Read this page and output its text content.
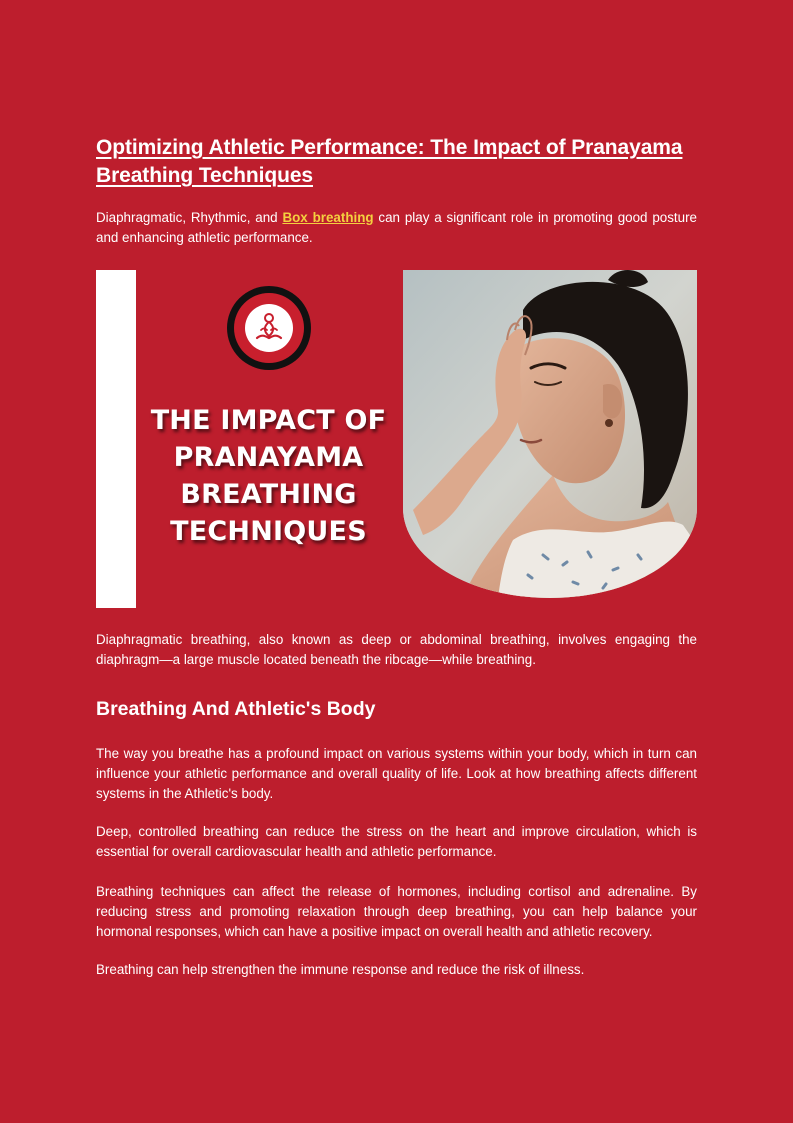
Optimizing Athletic Performance: The Impact of Pranayama Breathing Techniques

Diaphragmatic, Rhythmic, and Box breathing can play a significant role in promoting good posture and enhancing athletic performance.

THE IMPACT OF
PRANAYAMA
BREATHING
TECHNIQUES

Diaphragmatic breathing, also known as deep or abdominal breathing, involves engaging the diaphragm—a large muscle located beneath the ribcage—while breathing.

Breathing And Athletic's Body

The way you breathe has a profound impact on various systems within your body, which in turn can influence your athletic performance and overall quality of life. Look at how breathing affects different systems in the Athletic's body.

Deep, controlled breathing can reduce the stress on the heart and improve circulation, which is essential for overall cardiovascular health and athletic performance.

Breathing techniques can affect the release of hormones, including cortisol and adrenaline. By reducing stress and promoting relaxation through deep breathing, you can help balance your hormonal responses, which can have a positive impact on overall health and athletic recovery.

Breathing can help strengthen the immune response and reduce the risk of illness.
